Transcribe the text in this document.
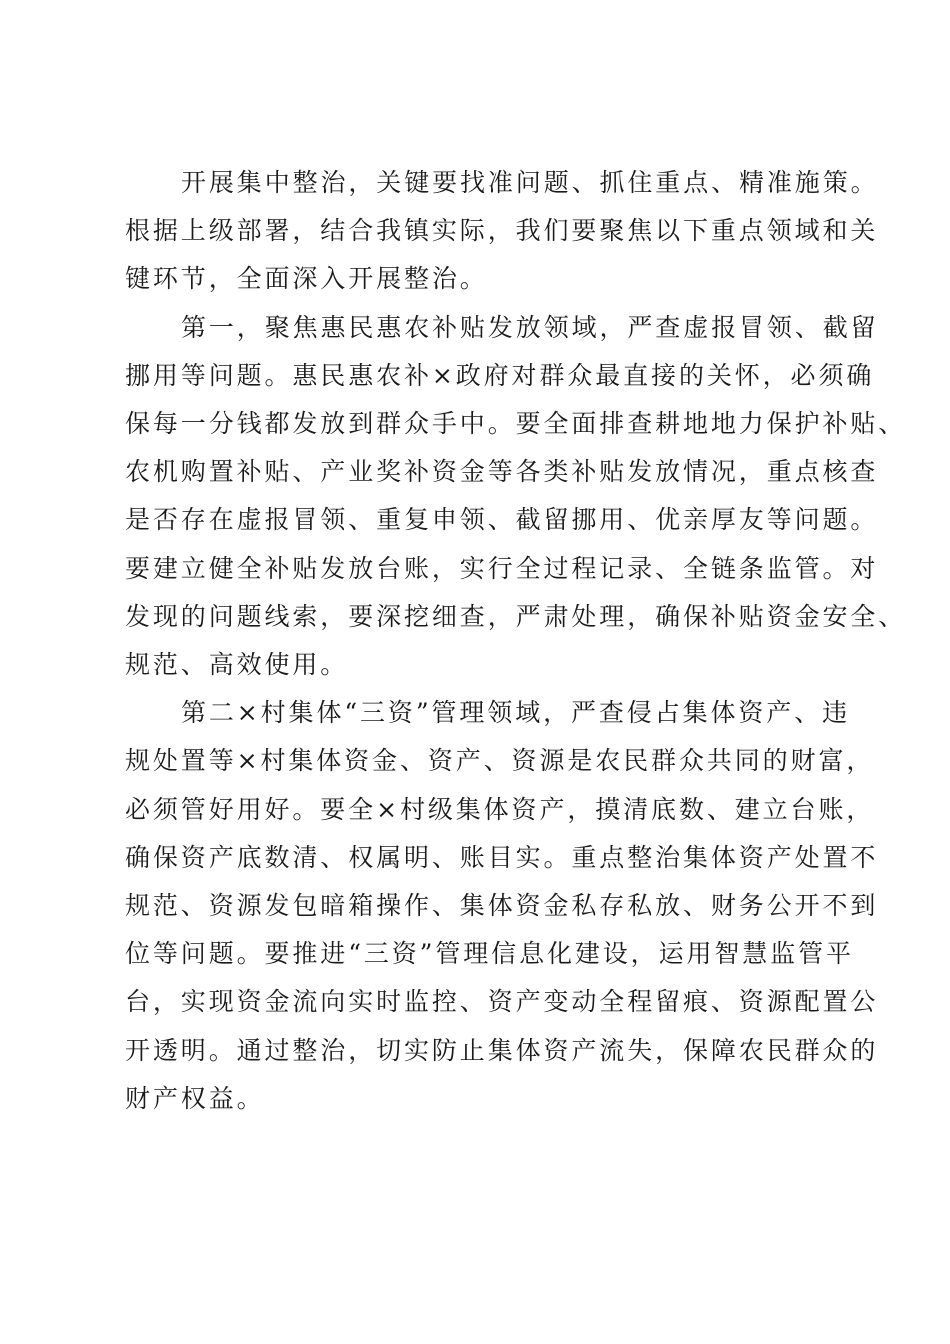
开展集中整治，关键要找准问题、抓住重点、精准施策。
根据上级部署，结合我镇实际，我们要聚焦以下重点领域和关
键环节，全面深入开展整治。
第一，聚焦惠民惠农补贴发放领域，严查虚报冒领、截留
挪用等问题。惠民惠农补×政府对群众最直接的关怀，必须确
保每一分钱都发放到群众手中。要全面排查耕地地力保护补贴、
农机购置补贴、产业奖补资金等各类补贴发放情况，重点核查
是否存在虚报冒领、重复申领、截留挪用、优亲厚友等问题。
要建立健全补贴发放台账，实行全过程记录、全链条监管。对
发现的问题线索，要深挖细查，严肃处理，确保补贴资金安全、
规范、高效使用。
第二×村集体“三资”管理领域，严查侵占集体资产、违
规处置等×村集体资金、资产、资源是农民群众共同的财富，
必须管好用好。要全×村级集体资产，摸清底数、建立台账，
确保资产底数清、权属明、账目实。重点整治集体资产处置不
规范、资源发包暗箱操作、集体资金私存私放、财务公开不到
位等问题。要推进“三资”管理信息化建设，运用智慧监管平
台，实现资金流向实时监控、资产变动全程留痕、资源配置公
开透明。通过整治，切实防止集体资产流失，保障农民群众的
财产权益。
